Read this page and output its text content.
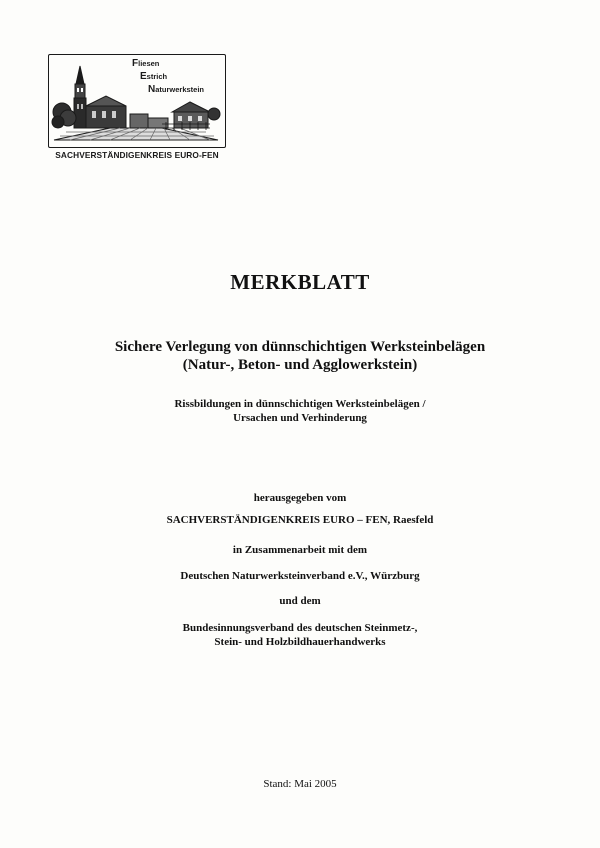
Fliesen
Estrich
Naturwerkstein
SACHVERSTÄNDIGENKREIS EURO-FEN
MERKBLATT
Sichere Verlegung von dünnschichtigen Werksteinbelägen
(Natur-, Beton- und Agglowerkstein)
Rissbildungen in dünnschichtigen Werksteinbelägen /
Ursachen und Verhinderung
herausgegeben vom
SACHVERSTÄNDIGENKREIS EURO – FEN, Raesfeld
in Zusammenarbeit mit dem
Deutschen Naturwerksteinverband e.V., Würzburg
und dem
Bundesinnungsverband des deutschen Steinmetz-,
Stein- und Holzbildhauerhandwerks
Stand: Mai 2005
